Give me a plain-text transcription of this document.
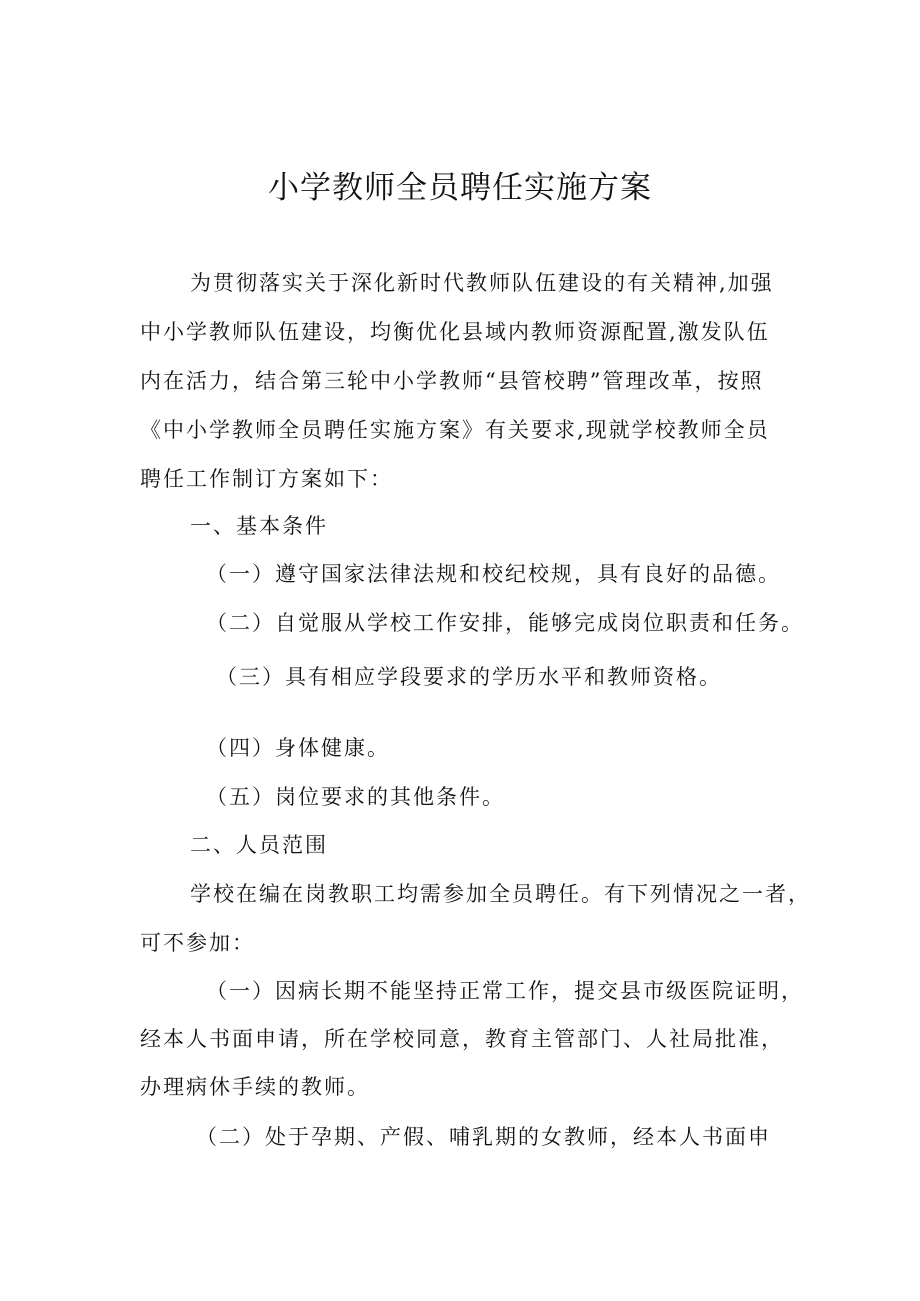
小学教师全员聘任实施方案
为贯彻落实关于深化新时代教师队伍建设的有关精神,加强
中小学教师队伍建设，均衡优化县域内教师资源配置,激发队伍
内在活力，结合第三轮中小学教师“县管校聘”管理改革，按照
《中小学教师全员聘任实施方案》有关要求,现就学校教师全员
聘任工作制订方案如下：
一、基本条件
（一）遵守国家法律法规和校纪校规，具有良好的品德。
（二）自觉服从学校工作安排，能够完成岗位职责和任务。
（三）具有相应学段要求的学历水平和教师资格。
（四）身体健康。
（五）岗位要求的其他条件。
二、人员范围
学校在编在岗教职工均需参加全员聘任。有下列情况之一者，
可不参加：
（一）因病长期不能坚持正常工作，提交县市级医院证明，
经本人书面申请，所在学校同意，教育主管部门、人社局批准，
办理病休手续的教师。
（二）处于孕期、产假、哺乳期的女教师，经本人书面申
